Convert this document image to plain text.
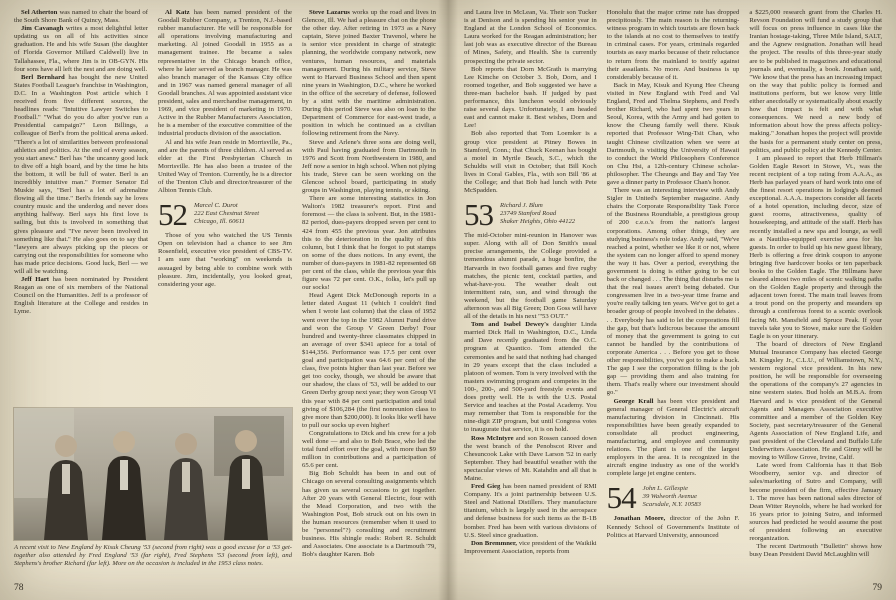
Sel Atherton was named to chair the board of the South Shore Bank of Quincy, Mass.

Jim Cavanagh writes a most delightful letter updating us on all of his activities since graduation. He and his wife Susan (the daughter of Florida Governor Millard Caldwell) live in Tallahassee, Fla., where Jim is in OB-GYN. His four sons have all left the nest and are doing well.

Berl Bernhard has bought the new United States Football League's franchise in Washington, D.C. In a Washington Post article which I received from five different sources, the headlines reads: "Intuitive Lawyer Switches to Football." "What do you do after you've run a Presidential campaign?" Leon Billings, a colleague of Berl's from the political arena asked. "There's a lot of similarities between professional athletics and politics. At the end of every season, you start anew." Berl has "the uncanny good luck to dive off a high board, and by the time he hits the bottom, it will be full of water. Berl is an incredibly intuitive man." Former Senator Ed Muskie says, "Berl has a lot of adrenaline flowing all the time." Berl's friends say he loves country music and the underdog and never does anything halfway. Berl says his first love is sailing, but this is involved in something that gives pleasure and "I've never been involved in something like that." He also goes on to say that "lawyers are always picking up the pieces or carrying out the responsibilities for someone who has made price decisions. Good luck, Berl — we will all be watching.

Jeff Hart has been nominated by President Reagan as one of six members of the National Council on the Humanities. Jeff is a professor of English literature at the College and resides in Lyme.

Al Katz has been named president of the Goodall Rubber Company, a Trenton, N.J.-based rubber manufacturer. He will be responsible for all operations involving manufacturing and marketing. Al joined Goodall in 1955 as a management trainee. He became a sales representative in the Chicago branch office, where he later served as branch manager. He was also branch manager of the Kansas City office and in 1967 was named general manager of all Goodall branches. Al was appointed assistant vice president, sales and merchandise management, in 1969, and vice president of marketing in 1970. Active in the Rubber Manufacturers Association, he is a member of the executive committee of the industrial products division of the association.

Al and his wife Jean reside in Morrisville, Pa., and are the parents of three children. Al served as elder at the First Presbyterian Church in Morrisville. He has also been a trustee of the United Way of Trenton. Currently, he is a director of the Trenton Club and director/treasurer of the Albion Tennis Club.

52 Marcel C. Durot
222 East Chestnut Street
Chicago, Ill. 60611

Those of you who watched the US Tennis Open on television had a chance to see Jim Rosenfield, executive vice president of CBS-TV. I am sure that "working" on weekends is assuaged by being able to combine work with pleasure. Jim, incidentally, you looked great, considering your age.

A recent visit to New England by Kisuk Cheung '53 (second from right) was a good excuse for a '53 get-together also attended by Fred England '53 (far right), Fred Stephens '53 (second from left), and Stephens's brother Richard (far left). More on the occasion is included in the 1953 class notes.

Steve Lazarus works up the road and lives in Glencoe, Ill. We had a pleasure chat on the phone the other day. After retiring in 1973 as a Navy captain, Steve joined Baxter Travenol, where he is senior vice president in charge of strategic planning, the worldwide company network, new ventures, human resources, and materials management. During his military service, Steve went to Harvard Business School and then spent nine years in Washington, D.C., where he worked in the office of the secretary of defense, followed by a stint with the maritime administration. During this period Steve was also on loan to the Department of Commerce for east-west trade, a position in which he continued as a civilian following retirement from the Navy.

Steve and Arlene's three sons are doing well, with Paul having graduated from Dartmouth in 1976 and Scott from Northwestern in 1980, and Jeff now a senior in high school. When not plying his trade, Steve can be seen working on the Glencoe school board, participating in study groups in Washington, playing tennis, or skiing.

There are some interesting statistics in Jon Walton's 1982 treasurer's report. First and foremost — the class is solvent. But, in the 1981-82 period, dues-payers dropped seven per cent to 424 from 455 the previous year. Jon attributes this to the deterioration in the quality of this column, but I think that he forgot to put stamps on some of the dues notices. In any event, the number of dues-payers in 1981-82 represented 68 per cent of the class, while the previous year this figure was 72 per cent. O.K., folks, let's pull up our socks!

Head Agent Dick McDonough reports in a letter dated August 11 (which I couldn't find when I wrote last column) that the class of 1952 went over the top in the 1982 Alumni Fund drive and won the Group V Green Derby! Four hundred and twenty-three classmates chipped in an average of over $341 apiece for a total of $144,356. Performance was 17.5 per cent over goal and participation was 64.6 per cent of the class, five points higher than last year. Before we get too cocky, though, we should be aware that our shadow, the class of '53, will be added to our Green Derby group next year; they won Group VI this year with 84 per cent participation and total giving of $106,284 (the first nonreunion class to give more than $200,000). It looks like we'll have to pull our socks up even higher!

Congratulations to Dick and his crew for a job well done — and also to Bob Brace, who led the total fund effort over the goal, with more than $9 million in contributions and a participation of 65.6 per cent.

Big Bob Schuldt has been in and out of Chicago on several consulting assignments which has given us several occasions to get together. After 20 years with General Electric, four with the Mead Corporation, and two with the Washington Post, Bob struck out on his own in the human resources (remember when it used to be "personnel"?) consulting and recruitment business. His shingle reads: Robert R. Schuldt and Associates. One associate is a Dartmouth '79, Bob's daughter Karen. Bob

78

and Laura live in McLean, Va. Their son Tucker is at Denison and is spending his senior year in England at the London School of Economics. Laura worked for the Reagan administration; her last job was as executive director of the Bureau of Mines, Safety, and Health. She is currently prospecting the private sector.

Bob reports that Dorn McGrath is marrying Lee Kimche on October 3. Bob, Dorn, and I roomed together, and Bob suggested we have a three-man bachelor bash. If judged by past performance, this luncheon would obviously raise several days. Unfortunately, I am headed east and cannot make it. Best wishes, Dorn and Lee!

Bob also reported that Tom Loemker is a group vice president at Pitney Bowes in Stamford, Conn.; that Chuck Keenan has bought a motel in Myrtle Beach, S.C., which the Schuldts will visit in October; that Bill Koch lives in Coral Gables, Fla., with son Bill '86 at the College; and that Bob had lunch with Pete McSpadden.

53 Richard J. Blum
23749 Stanford Road
Shaker Heights, Ohio 44122

The mid-October mini-reunion in Hanover was super. Along with all of Don Smith's usual precise arrangements, the College provided a tremendous alumni parade, a huge bonfire, the Harvards in two football games and five rugby matches, the picnic tent, cocktail parties, and what-have-you. The weather dealt out intermittent rain, sun, and wind through the weekend, but the football game Saturday afternoon was all Big Green; Don Goss will have all of the details in his next "'53 OUT."

Tom and Isabel Dewey's daughter Linda married Dick Hall in Washington, D.C., Linda and Dave recently graduated from the O.C. program at Quantico. Tom attended the ceremonies and he said that nothing had changed in 29 years except that the class included a platoon of women. Tom is very involved with the masters swimming program and competes in the 100-, 200-, and 500-yard freestyle events and does pretty well. He is with the U.S. Postal Service and teaches at the Postal Academy. You may remember that Tom is responsible for the nine-digit ZIP program, but until Congress votes to inaugurate that service, it is on hold.

Ross McIntyre and son Rossen canoed down the west branch of the Penobscot River and Chesuncook Lake with Dave Larson '52 in early September. They had beautiful weather with the spectacular views of Mt. Katahdin and all that is Maine.

Fred Gieg has been named president of RMI Company. It's a joint partnership between U.S. Steel and National Distillers. They manufacture titanium, which is largely used in the aerospace and defense business for such items as the B-1B bomber. Fred has been with various divisions of U.S. Steel since graduation.

Don Bremmner, vice president of the Waikiki Improvement Association, reports from

Honolulu that the major crime rate has dropped precipitously. The main reason is the returning-witness program in which tourists are flown back to the islands at no cost to themselves to testify in criminal cases. For years, criminals regarded tourists as easy marks because of their reluctance to return from the mainland to testify against their assailants. No more. And business is up considerably because of it.

Back in May, Kisuk and Kyung Hee Cheung visited in New England with Fred and Val England, Fred and Thelma Stephens, and Fred's brother Richard, who had spent two years in Seoul, Korea, with the Army and had gotten to know the Cheung family well there. Kisuk reported that Professor Wing-Tsit Chan, who taught Chinese civilization when we were at Dartmouth, is visiting the University of Hawaii to conduct the World Philosophers Conference on Chu Hsi, a 12th-century Chinese scholar-philosopher. The Cheungs and Bay and Tay Yee gave a dinner party in Professor Chan's honor.

There was an interesting interview with Andy Sigler in United's September magazine. Andy chairs the Corporate Responsibility Task Force of the Business Roundtable, a prestigious group of 200 c.e.o.'s from the nation's largest corporations. Among other things, they are studying business's role today. Andy said, "We've reached a point, whether we like it or not, where the system can no longer afford to spend money the way it has. Over a period, everything the government is doing is either going to be cut back or changed . . . The thing that disturbs me is that the real issues aren't being debated. Our congressmen live in a two-year time frame and you're really talking ten years. We've got to get a broader group of people involved in the debates . . . Everybody has said to let the corporations fill the gap, but that's ludicrous because the amount of money that the government is going to cut cannot be handled by the contributions of corporate America . . . Before you get to those other responsibilities, you've got to make a buck. The gap I see the corporation filling is the job gap — providing them and also training for them. That's really where our investment should go."

George Krall has been vice president and general manager of General Electric's aircraft manufacturing division in Cincinnati. His responsibilities have been greatly expanded to consolidate all product engineering, manufacturing, and employee and community relations. The plant is one of the largest employers in the area. It is recognized in the aircraft engine industry as one of the world's complete large jet engine centers.

54 John L. Gillespie
39 Walworth Avenue
Scarsdale, N.Y. 10583

Jonathan Moore, director of the John F. Kennedy School of Government's Institute of Politics at Harvard University, announced

a $225,000 research grant from the Charles H. Revson Foundation will fund a study group that will focus on press influence in cases like the Iranian hostage-taking, Three Mile Island, SALT, and the Agnew resignation. Jonathan will head the project. The results of this three-year study are to be published in magazines and educational journals and, eventually, a book. Jonathan said, "We know that the press has an increasing impact on the way that public policy is formed and institutions perform, but we know very little either anecdotally or systematically about exactly how that impact is felt and with what consequences. We need a new body of information about how the press affects policy-making." Jonathan hopes the project will provide the basis for a permanent study center on press, politics, and public policy at the Kennedy Center.

I am pleased to report that Herb Hillman's Golden Eagle Resort in Stowe, Vt., was the recent recipient of a top rating from A.A.A., as Herb has parlayed years of hard work into one of the finest resort operations in lodging's deemed exceptional. A.A.A. inspectors consider all facets of a hotel operation, including decor, size of guest rooms, attractiveness, quality of housekeeping, and attitude of the staff. Herb has recently installed a new spa and lounge, as well as a Nautilus-equipped exercise area for his guests. In order to build up his new guest library, Herb is offering a free drink coupon to anyone bringing five hardcover books or ten paperback books to the Golden Eagle. The Hillmans have cleared almost two miles of scenic walking paths on the Golden Eagle property and through the adjacent town forest. The main trail leaves from a trout pond on the property and meanders up through a coniferous forest to a scenic overlook facing Mt. Mansfield and Spruce Peak. If your travels take you to Stowe, make sure the Golden Eagle is on your itinerary.

The board of directors of New England Mutual Insurance Company has elected George M. Kingsley Jr., C.L.U., of Williamstown, N.Y., western regional vice president. In his new position, he will be responsible for overseeing the operations of the company's 27 agencies in nine western states. Bud holds an M.B.A. from Harvard and is vice president of the General Agents and Managers Association executive committee and a member of the Golden Key Society, past secretary/treasurer of the General Agents Association of New England Life, and past president of the Cleveland and Buffalo Life Underwriters Association. He and Ginny will be moving to Willow Grove, Irvine, Calif.

Late word from California has it that Bob Woodberry, senior v.p. and director of sales/marketing of Sutro and Company, will become president of the firm, effective January 1. The move has been national sales director of Dean Witter Reynolds, where he had worked for 16 years prior to joining Sutro, and informed sources had predicted he would assume the post of president following an executive reorganization.

The recent Dartmouth "Bulletin" shows how busy Dean President David McLaughlin will

79
